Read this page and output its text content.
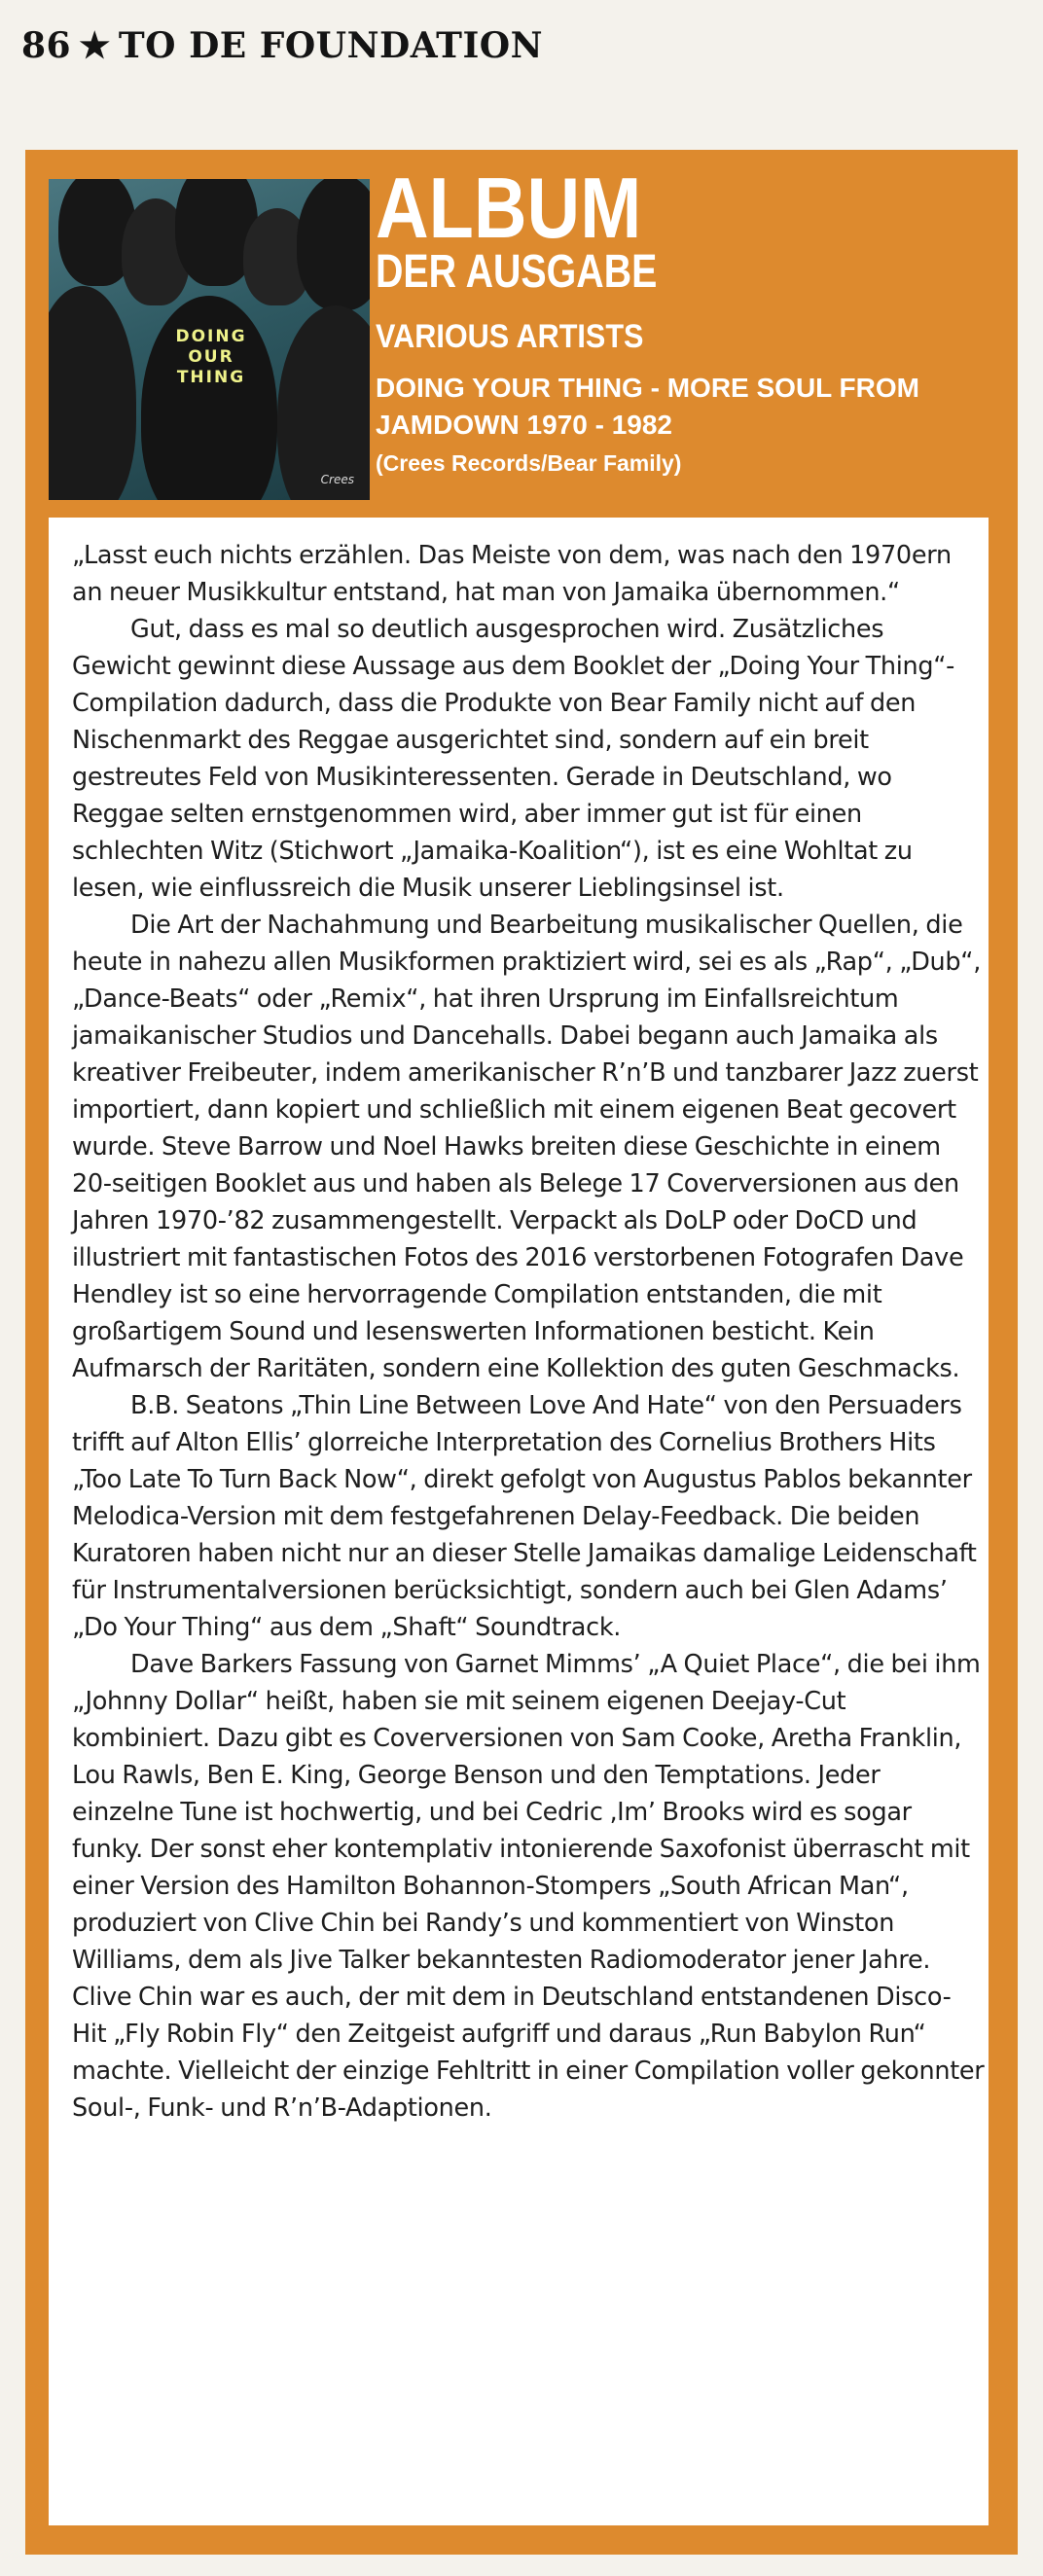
86 ★ TO DE FOUNDATION
DOING OUR THING
Crees
ALBUM
DER AUSGABE
VARIOUS ARTISTS
DOING YOUR THING - MORE SOUL FROM JAMDOWN 1970 - 1982
(Crees Records/Bear Family)

„Lasst euch nichts erzählen. Das Meiste von dem, was nach den 1970ern an neuer Musikkultur entstand, hat man von Jamaika übernommen.“

Gut, dass es mal so deutlich ausgesprochen wird. Zusätzliches Gewicht gewinnt diese Aussage aus dem Booklet der „Doing Your Thing“-Compilation dadurch, dass die Produkte von Bear Family nicht auf den Nischenmarkt des Reggae ausgerichtet sind, sondern auf ein breit gestreutes Feld von Musikinteressenten. Gerade in Deutschland, wo Reggae selten ernstgenommen wird, aber immer gut ist für einen schlechten Witz (Stichwort „Jamaika-Koalition“), ist es eine Wohltat zu lesen, wie einflussreich die Musik unserer Lieblingsinsel ist.

Die Art der Nachahmung und Bearbeitung musikalischer Quellen, die heute in nahezu allen Musikformen praktiziert wird, sei es als „Rap“, „Dub“, „Dance-Beats“ oder „Remix“, hat ihren Ursprung im Einfallsreichtum jamaikanischer Studios und Dancehalls. Dabei begann auch Jamaika als kreativer Freibeuter, indem amerikanischer R’n’B und tanzbarer Jazz zuerst importiert, dann kopiert und schließlich mit einem eigenen Beat gecovert wurde. Steve Barrow und Noel Hawks breiten diese Geschichte in einem 20-seitigen Booklet aus und haben als Belege 17 Coverversionen aus den Jahren 1970-’82 zusammengestellt. Verpackt als DoLP oder DoCD und illustriert mit fantastischen Fotos des 2016 verstorbenen Fotografen Dave Hendley ist so eine hervorragende Compilation entstanden, die mit großartigem Sound und lesenswerten Informationen besticht. Kein Aufmarsch der Raritäten, sondern eine Kollektion des guten Geschmacks.

B.B. Seatons „Thin Line Between Love And Hate“ von den Persuaders trifft auf Alton Ellis’ glorreiche Interpretation des Cornelius Brothers Hits „Too Late To Turn Back Now“, direkt gefolgt von Augustus Pablos bekannter Melodica-Version mit dem festgefahrenen Delay-Feedback. Die beiden Kuratoren haben nicht nur an dieser Stelle Jamaikas damalige Leidenschaft für Instrumentalversionen berücksichtigt, sondern auch bei Glen Adams’ „Do Your Thing“ aus dem „Shaft“ Soundtrack.

Dave Barkers Fassung von Garnet Mimms’ „A Quiet Place“, die bei ihm „Johnny Dollar“ heißt, haben sie mit seinem eigenen Deejay-Cut kombiniert. Dazu gibt es Coverversionen von Sam Cooke, Aretha Franklin, Lou Rawls, Ben E. King, George Benson und den Temptations. Jeder einzelne Tune ist hochwertig, und bei Cedric ‚Im’ Brooks wird es sogar funky. Der sonst eher kontemplativ intonierende Saxofonist überrascht mit einer Version des Hamilton Bohannon-Stompers „South African Man“, produziert von Clive Chin bei Randy’s und kommentiert von Winston Williams, dem als Jive Talker bekanntesten Radiomoderator jener Jahre. Clive Chin war es auch, der mit dem in Deutschland entstandenen Disco-Hit „Fly Robin Fly“ den Zeitgeist aufgriff und daraus „Run Babylon Run“ machte. Vielleicht der einzige Fehltritt in einer Compilation voller gekonnter Soul-, Funk- und R’n’B-Adaptionen.
